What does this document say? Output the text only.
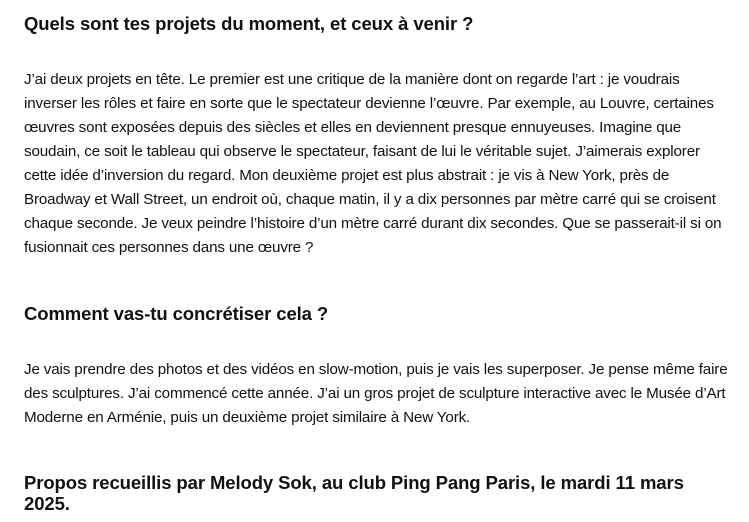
Quels sont tes projets du moment, et ceux à venir ?

J’ai deux projets en tête. Le premier est une critique de la manière dont on regarde l’art : je voudrais inverser les rôles et faire en sorte que le spectateur devienne l’œuvre. Par exemple, au Louvre, certaines œuvres sont exposées depuis des siècles et elles en deviennent presque ennuyeuses. Imagine que soudain, ce soit le tableau qui observe le spectateur, faisant de lui le véritable sujet. J’aimerais explorer cette idée d’inversion du regard. Mon deuxième projet est plus abstrait : je vis à New York, près de Broadway et Wall Street, un endroit où, chaque matin, il y a dix personnes par mètre carré qui se croisent chaque seconde. Je veux peindre l’histoire d’un mètre carré durant dix secondes. Que se passerait-il si on fusionnait ces personnes dans une œuvre ?

Comment vas-tu concrétiser cela ?

Je vais prendre des photos et des vidéos en slow-motion, puis je vais les superposer. Je pense même faire des sculptures. J’ai commencé cette année. J’ai un gros projet de sculpture interactive avec le Musée d’Art Moderne en Arménie, puis un deuxième projet similaire à New York.

Propos recueillis par Melody Sok, au club Ping Pang Paris, le mardi 11 mars 2025.
